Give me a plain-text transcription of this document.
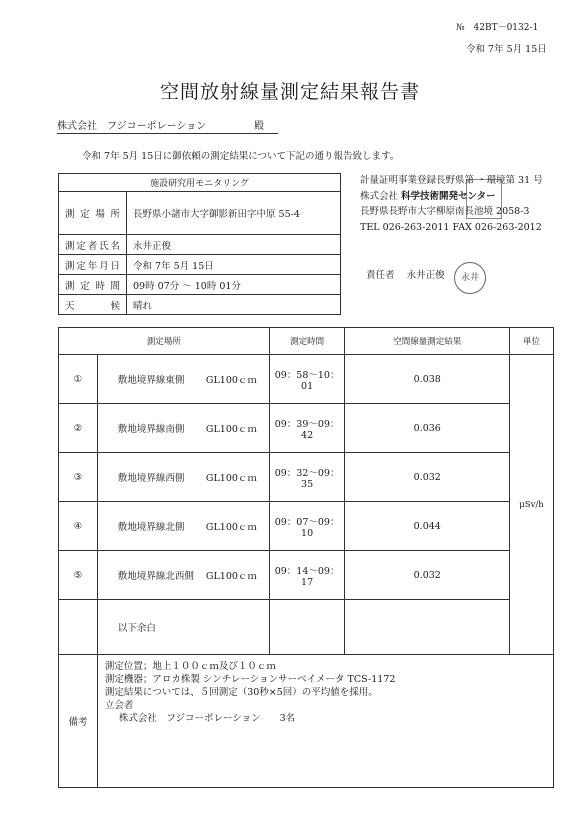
№　42BT－0132-1
令和 7年 5月 15日
空間放射線量測定結果報告書
株式会社　フジコーポレーション	殿
令和 7年 5月 15日に御依頼の測定結果について下記の通り報告致します。
施設研究用モニタリング	
測定場所	長野県小諸市大字御影新田字中原 55-4
測定者氏名	永井正俊
測定年月日	令和 7年 5月 15日
測定時間	09時 07分 ～ 10時 01分
天候	晴れ
計量証明事業登録長野県第 ・環境第 31 号
株式会社 科学技術開発センター
長野県長野市大字柳原南長池境 2058-3
TEL 026-263-2011 FAX 026-263-2012
責任者 永井正俊 永井
測定場所		測定時間	空間線量測定結果	単位
①	敷地境界線東側 GL100ｃｍ	09：58～10：01	0.038	μSv/h
②	敷地境界線南側 GL100ｃｍ	09：39～09：42	0.036	
③	敷地境界線西側 GL100ｃｍ	09：32～09：35	0.032	
④	敷地境界線北側 GL100ｃｍ	09：07～09：10	0.044	
⑤	敷地境界線北西側 GL100ｃｍ	09：14～09：17	0.032	
	以下余白			
備考	測定位置；地上１００ｃｍ及び１０ｃｍ
測定機器；アロカ株製 シンチレーションサーベイメータ TCS-1172
測定結果については、５回測定（30秒×5回）の平均値を採用。
立会者
株式会社　フジコーポレーション　　3名			
